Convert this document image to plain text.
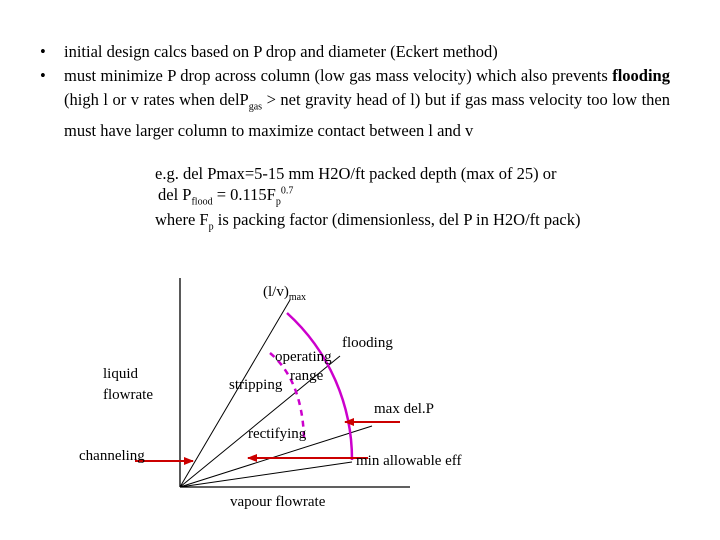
•	initial design calcs based on P drop and diameter (Eckert method)
•	must minimize P drop across column (low gas mass velocity) which also prevents flooding (high l or v rates when delP$_{gas}$ > net gravity head of l) but if gas mass velocity too low then must have larger column to maximize contact between l and v
e.g. del Pmax=5-15 mm H2O/ft packed depth (max of 25) or
del $P_{flood} = 0.115F_p^{0.7}$
where $F_p$ is packing factor (dimensionless, del P in H2O/ft pack)
$(l/v)_{max}$
flooding
operating
range
stripping
liquid
flowrate
max del.P
rectifying
channeling	min allowable eff
vapour flowrate
